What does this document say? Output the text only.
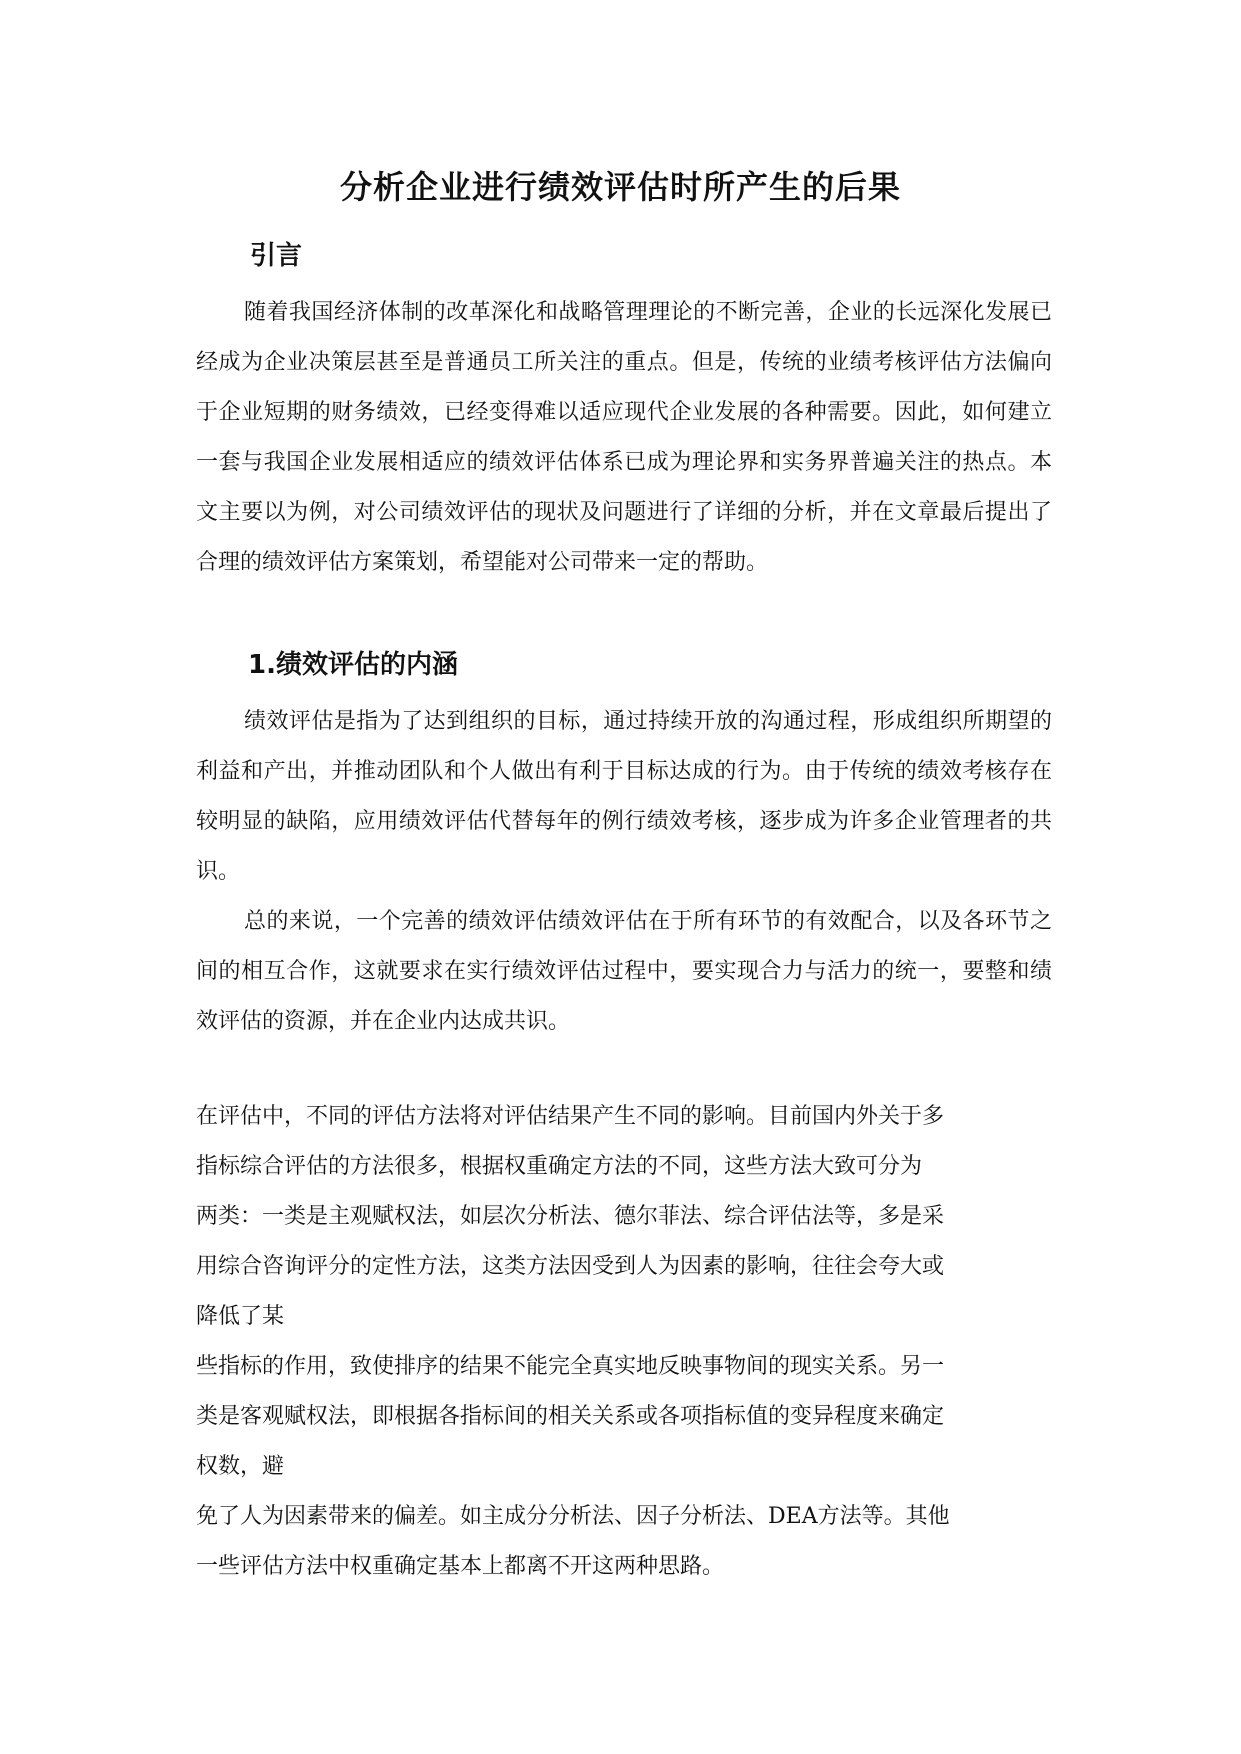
分析企业进行绩效评估时所产生的后果
引言

随着我国经济体制的改革深化和战略管理理论的不断完善，企业的长远深化发展已经成为企业决策层甚至是普通员工所关注的重点。但是，传统的业绩考核评估方法偏向于企业短期的财务绩效，已经变得难以适应现代企业发展的各种需要。因此，如何建立一套与我国企业发展相适应的绩效评估体系已成为理论界和实务界普遍关注的热点。本文主要以为例，对公司绩效评估的现状及问题进行了详细的分析，并在文章最后提出了合理的绩效评估方案策划，希望能对公司带来一定的帮助。

1.绩效评估的内涵

绩效评估是指为了达到组织的目标，通过持续开放的沟通过程，形成组织所期望的利益和产出，并推动团队和个人做出有利于目标达成的行为。由于传统的绩效考核存在较明显的缺陷，应用绩效评估代替每年的例行绩效考核，逐步成为许多企业管理者的共识。

总的来说，一个完善的绩效评估绩效评估在于所有环节的有效配合，以及各环节之间的相互合作，这就要求在实行绩效评估过程中，要实现合力与活力的统一，要整和绩效评估的资源，并在企业内达成共识。

在评估中，不同的评估方法将对评估结果产生不同的影响。目前国内外关于多
指标综合评估的方法很多，根据权重确定方法的不同，这些方法大致可分为
两类：一类是主观赋权法，如层次分析法、德尔菲法、综合评估法等，多是采
用综合咨询评分的定性方法，这类方法因受到人为因素的影响，往往会夸大或
降低了某
些指标的作用，致使排序的结果不能完全真实地反映事物间的现实关系。另一
类是客观赋权法，即根据各指标间的相关关系或各项指标值的变异程度来确定
权数，避
免了人为因素带来的偏差。如主成分分析法、因子分析法、DEA方法等。其他
一些评估方法中权重确定基本上都离不开这两种思路。
